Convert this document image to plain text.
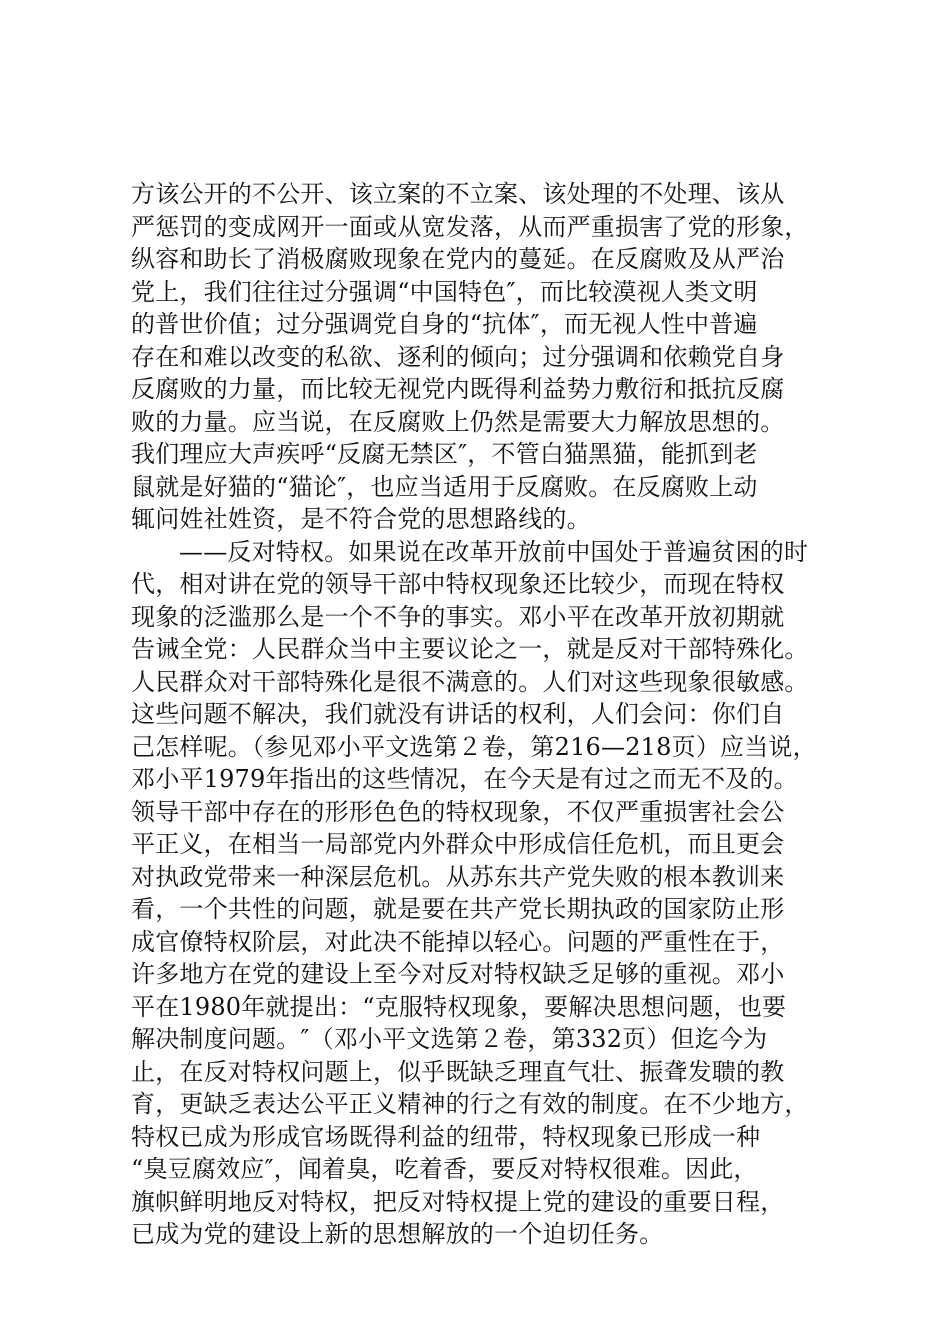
方该公开的不公开、该立案的不立案、该处理的不处理、该从
严惩罚的变成网开一面或从宽发落，从而严重损害了党的形象，
纵容和助长了消极腐败现象在党内的蔓延。在反腐败及从严治
党上，我们往往过分强调“中国特色″，而比较漠视人类文明
的普世价值；过分强调党自身的“抗体″，而无视人性中普遍
存在和难以改变的私欲、逐利的倾向；过分强调和依赖党自身
反腐败的力量，而比较无视党内既得利益势力敷衍和抵抗反腐
败的力量。应当说，在反腐败上仍然是需要大力解放思想的。
我们理应大声疾呼“反腐无禁区″，不管白猫黑猫，能抓到老
鼠就是好猫的“猫论″，也应当适用于反腐败。在反腐败上动
辄问姓社姓资，是不符合党的思想路线的。
——反对特权。如果说在改革开放前中国处于普遍贫困的时
代，相对讲在党的领导干部中特权现象还比较少，而现在特权
现象的泛滥那么是一个不争的事实。邓小平在改革开放初期就
告诫全党：人民群众当中主要议论之一，就是反对干部特殊化。
人民群众对干部特殊化是很不满意的。人们对这些现象很敏感。
这些问题不解决，我们就没有讲话的权利，人们会问：你们自
己怎样呢。（参见邓小平文选第２卷，第216—218页）应当说，
邓小平1979年指出的这些情况，在今天是有过之而无不及的。
领导干部中存在的形形色色的特权现象，不仅严重损害社会公
平正义，在相当一局部党内外群众中形成信任危机，而且更会
对执政党带来一种深层危机。从苏东共产党失败的根本教训来
看，一个共性的问题，就是要在共产党长期执政的国家防止形
成官僚特权阶层，对此决不能掉以轻心。问题的严重性在于，
许多地方在党的建设上至今对反对特权缺乏足够的重视。邓小
平在1980年就提出：“克服特权现象，要解决思想问题，也要
解决制度问题。″（邓小平文选第２卷，第332页）但迄今为
止，在反对特权问题上，似乎既缺乏理直气壮、振聋发聩的教
育，更缺乏表达公平正义精神的行之有效的制度。在不少地方，
特权已成为形成官场既得利益的纽带，特权现象已形成一种
“臭豆腐效应″，闻着臭，吃着香，要反对特权很难。因此，
旗帜鲜明地反对特权，把反对特权提上党的建设的重要日程，
已成为党的建设上新的思想解放的一个迫切任务。
